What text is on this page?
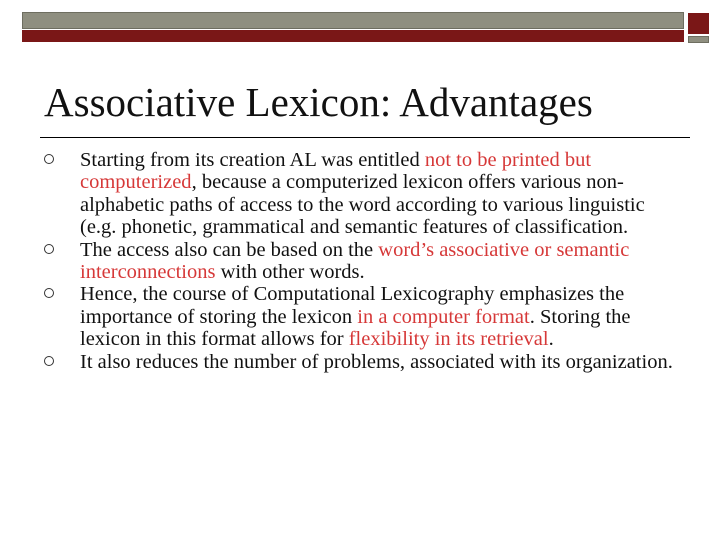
Associative Lexicon: Advantages
Starting from its creation AL was entitled not to be printed but computerized, because a computerized lexicon offers various non-alphabetic paths of access to the word according to various linguistic (e.g. phonetic, grammatical and semantic features of classification.
The access also can be based on the word’s associative or semantic interconnections with other words.
Hence, the course of Computational Lexicography emphasizes the importance of storing the lexicon in a computer format. Storing the lexicon in this format allows for flexibility in its retrieval.
It also reduces the number of problems, associated with its organization.
